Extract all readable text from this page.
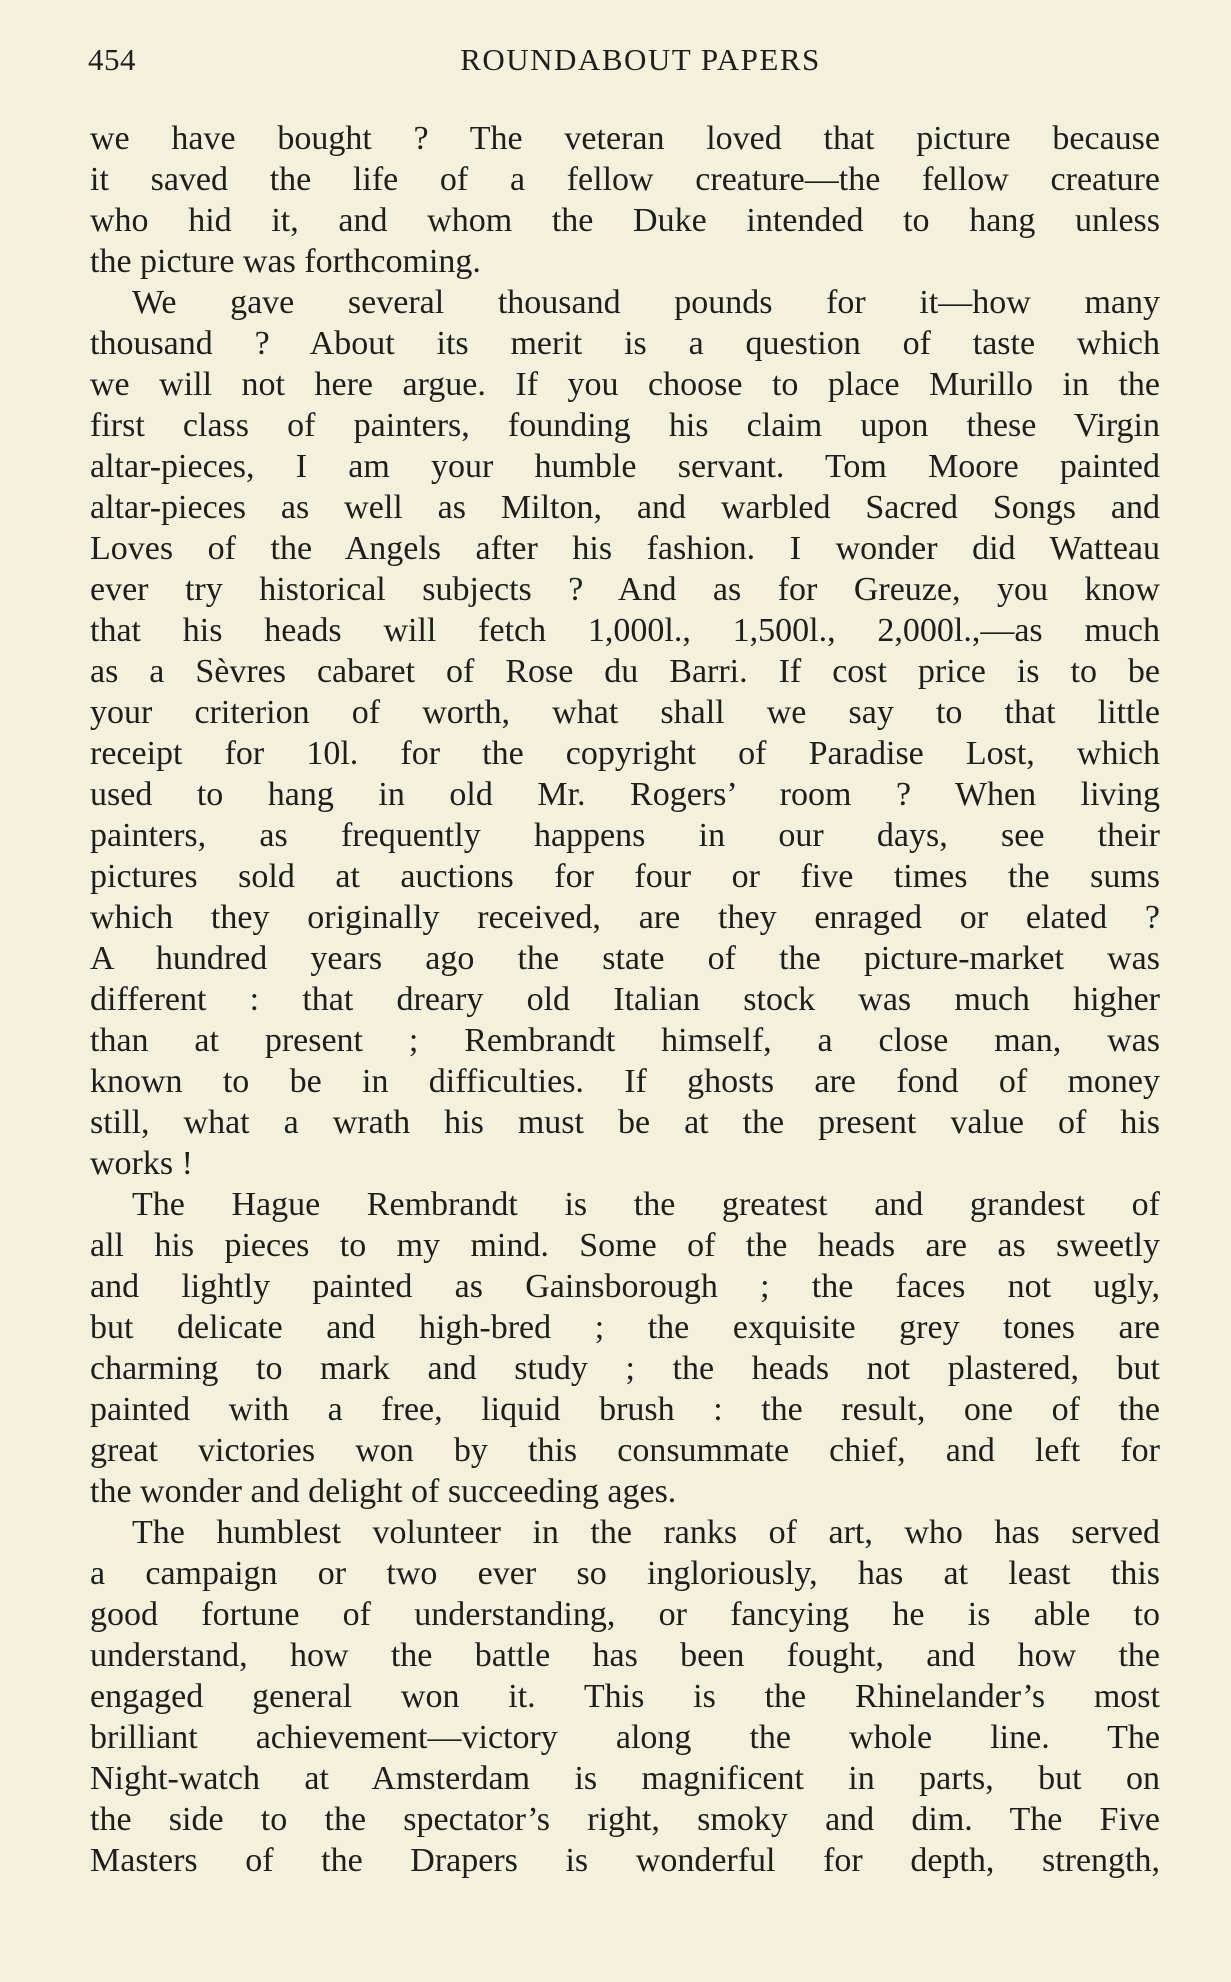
454	ROUNDABOUT PAPERS
we have bought ? The veteran loved that picture because
it saved the life of a fellow creature—the fellow creature
who hid it, and whom the Duke intended to hang unless
the picture was forthcoming.
We gave several thousand pounds for it—how many
thousand ? About its merit is a question of taste which
we will not here argue. If you choose to place Murillo in the
first class of painters, founding his claim upon these Virgin
altar-pieces, I am your humble servant. Tom Moore painted
altar-pieces as well as Milton, and warbled Sacred Songs and
Loves of the Angels after his fashion. I wonder did Watteau
ever try historical subjects ? And as for Greuze, you know
that his heads will fetch 1,000l., 1,500l., 2,000l.,—as much
as a Sèvres cabaret of Rose du Barri. If cost price is to be
your criterion of worth, what shall we say to that little
receipt for 10l. for the copyright of Paradise Lost, which
used to hang in old Mr. Rogers’ room ? When living
painters, as frequently happens in our days, see their
pictures sold at auctions for four or five times the sums
which they originally received, are they enraged or elated ?
A hundred years ago the state of the picture-market was
different : that dreary old Italian stock was much higher
than at present ; Rembrandt himself, a close man, was
known to be in difficulties. If ghosts are fond of money
still, what a wrath his must be at the present value of his
works !
The Hague Rembrandt is the greatest and grandest of
all his pieces to my mind. Some of the heads are as sweetly
and lightly painted as Gainsborough ; the faces not ugly,
but delicate and high-bred ; the exquisite grey tones are
charming to mark and study ; the heads not plastered, but
painted with a free, liquid brush : the result, one of the
great victories won by this consummate chief, and left for
the wonder and delight of succeeding ages.
The humblest volunteer in the ranks of art, who has served
a campaign or two ever so ingloriously, has at least this
good fortune of understanding, or fancying he is able to
understand, how the battle has been fought, and how the
engaged general won it. This is the Rhinelander’s most
brilliant achievement—victory along the whole line. The
Night-watch at Amsterdam is magnificent in parts, but on
the side to the spectator’s right, smoky and dim. The Five
Masters of the Drapers is wonderful for depth, strength,
